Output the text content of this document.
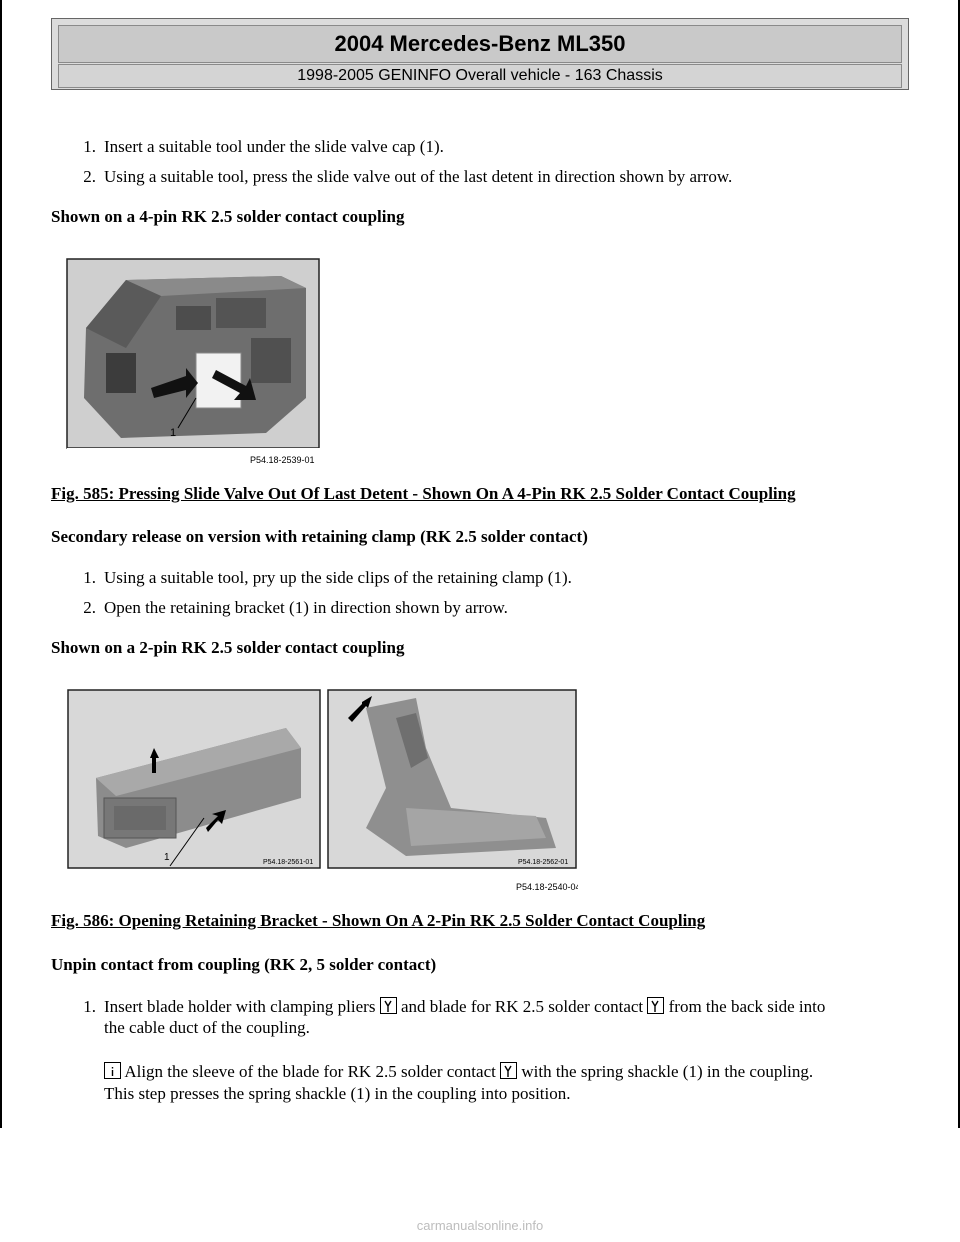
2004 Mercedes-Benz ML350
1998-2005 GENINFO Overall vehicle - 163 Chassis
1. Insert a suitable tool under the slide valve cap (1).
2. Using a suitable tool, press the slide valve out of the last detent in direction shown by arrow.
Shown on a 4-pin RK 2.5 solder contact coupling
1
P54.18-2539-01
Fig. 585: Pressing Slide Valve Out Of Last Detent - Shown On A 4-Pin RK 2.5 Solder Contact Coupling
Secondary release on version with retaining clamp (RK 2.5 solder contact)
1. Using a suitable tool, pry up the side clips of the retaining clamp (1).
2. Open the retaining bracket (1) in direction shown by arrow.
Shown on a 2-pin RK 2.5 solder contact coupling
1	P54.18-2561-01	P54.18-2562-01
P54.18-2540-04
Fig. 586: Opening Retaining Bracket - Shown On A 2-Pin RK 2.5 Solder Contact Coupling
Unpin contact from coupling (RK 2, 5 solder contact)
1. Insert blade holder with clamping pliers and blade for RK 2.5 solder contact from the back side into
the cable duct of the coupling.
Align the sleeve of the blade for RK 2.5 solder contact with the spring shackle (1) in the coupling.
This step presses the spring shackle (1) in the coupling into position.
carmanualsonline.info
